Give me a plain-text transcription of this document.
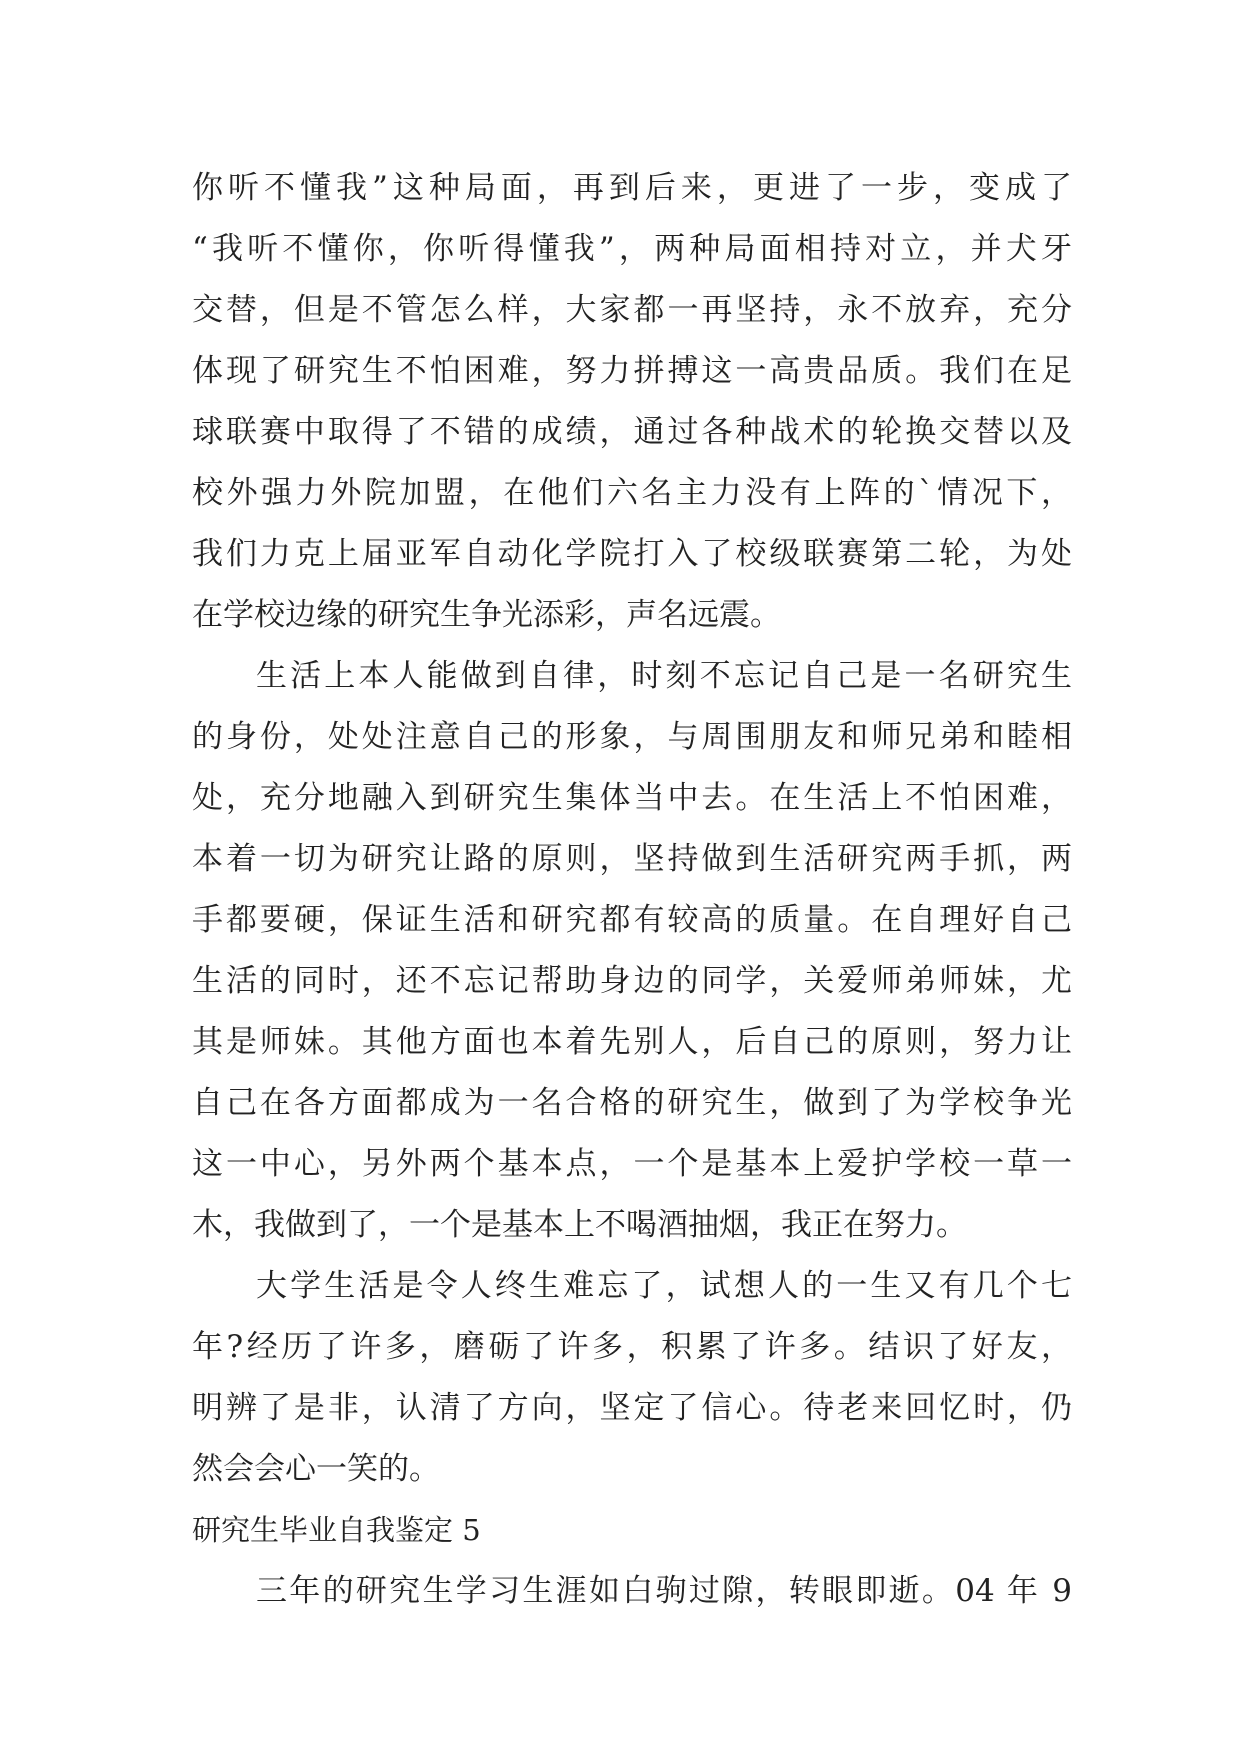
你听不懂我”这种局面，再到后来，更进了一步，变成了
“我听不懂你，你听得懂我”，两种局面相持对立，并犬牙
交替，但是不管怎么样，大家都一再坚持，永不放弃，充分
体现了研究生不怕困难，努力拼搏这一高贵品质。我们在足
球联赛中取得了不错的成绩，通过各种战术的轮换交替以及
校外强力外院加盟，在他们六名主力没有上阵的`情况下，
我们力克上届亚军自动化学院打入了校级联赛第二轮，为处
在学校边缘的研究生争光添彩，声名远震。
生活上本人能做到自律，时刻不忘记自己是一名研究生
的身份，处处注意自己的形象，与周围朋友和师兄弟和睦相
处，充分地融入到研究生集体当中去。在生活上不怕困难，
本着一切为研究让路的原则，坚持做到生活研究两手抓，两
手都要硬，保证生活和研究都有较高的质量。在自理好自己
生活的同时，还不忘记帮助身边的同学，关爱师弟师妹，尤
其是师妹。其他方面也本着先别人，后自己的原则，努力让
自己在各方面都成为一名合格的研究生，做到了为学校争光
这一中心，另外两个基本点，一个是基本上爱护学校一草一
木，我做到了，一个是基本上不喝酒抽烟，我正在努力。
大学生活是令人终生难忘了，试想人的一生又有几个七
年?经历了许多，磨砺了许多，积累了许多。结识了好友，
明辨了是非，认清了方向，坚定了信心。待老来回忆时，仍
然会会心一笑的。
研究生毕业自我鉴定 5
三年的研究生学习生涯如白驹过隙，转眼即逝。04 年 9
